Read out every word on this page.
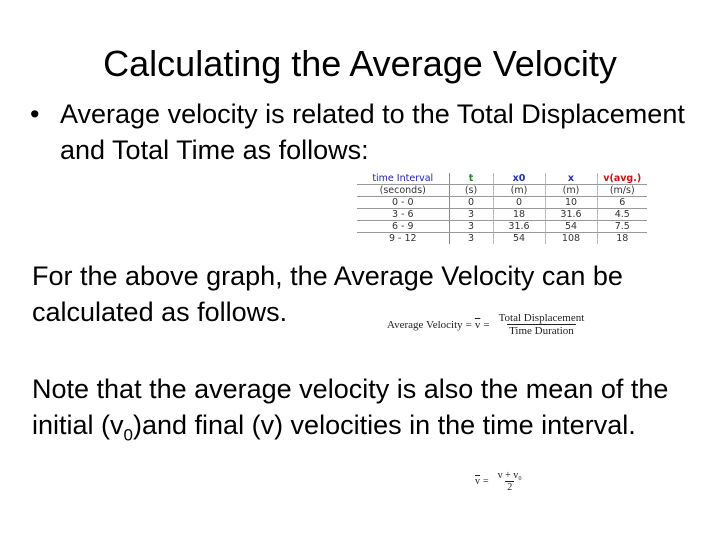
Calculating the Average Velocity
• Average velocity is related to the Total Displacement and Total Time as follows:
time Interval	t	x0	x	v(avg.)
(seconds)	(s)	(m)	(m)	(m/s)
0 - 0	0	0	10	6
3 - 6	3	18	31.6	4.5
6 - 9	3	31.6	54	7.5
9 - 12	3	54	108	18
For the above graph, the Average Velocity can be calculated as follows.	Average Velocity = $\overline{v} = \frac{\text{Total Displacement}}{\text{Time Duration}}$
Note that the average velocity is also the mean of the initial $(v_0)and$ final (v) velocities in the time interval.
$\overline{v} = \frac{\text{v + v₀}}{2}$
